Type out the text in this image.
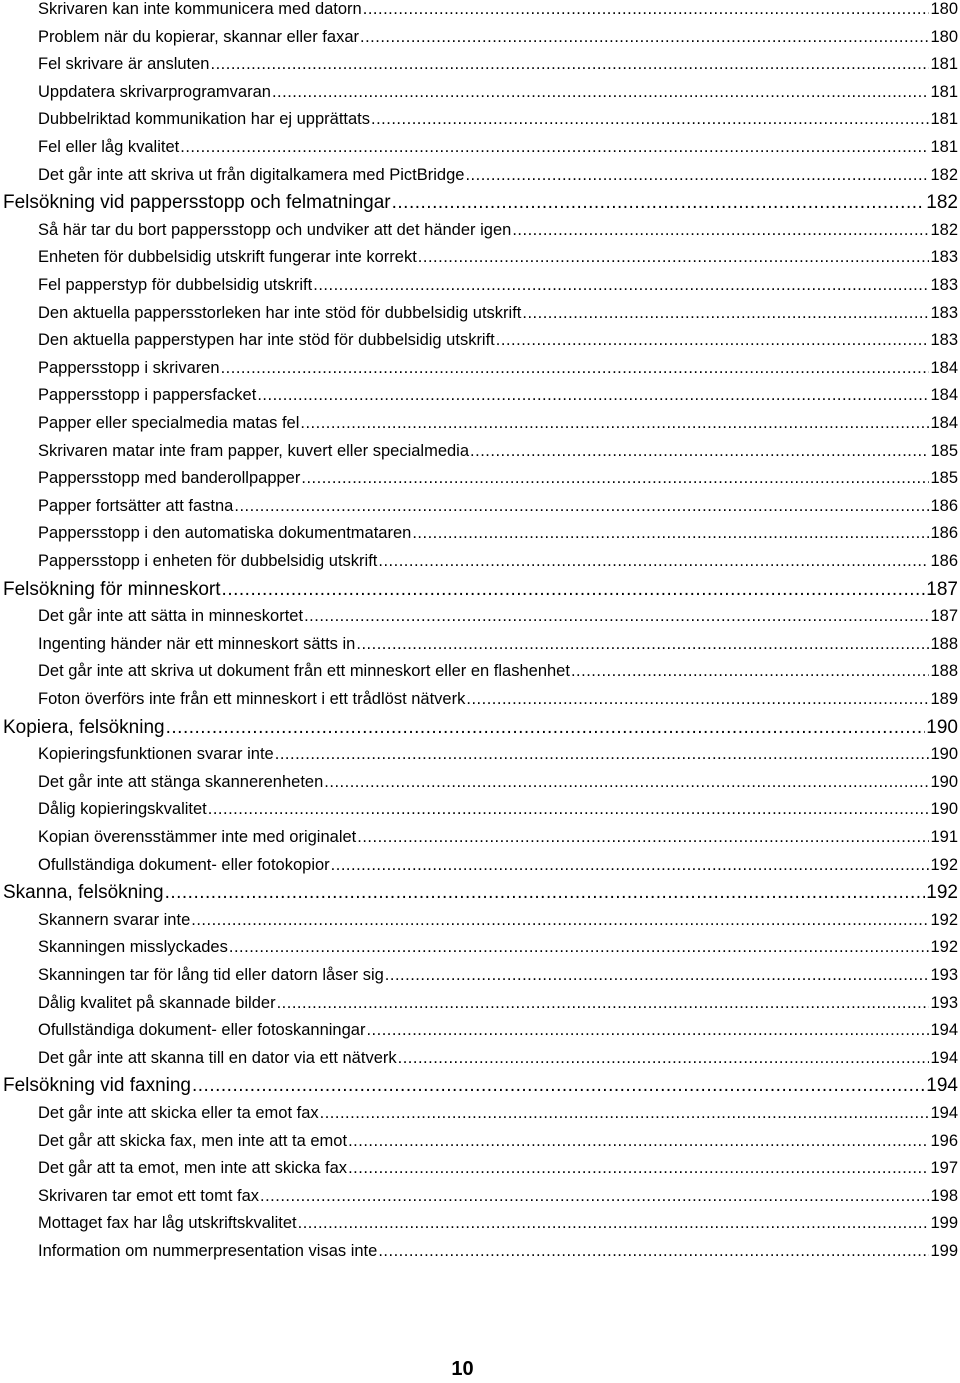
Skrivaren kan inte kommunicera med datorn .....	180
Problem när du kopierar, skannar eller faxar .....	180
Fel skrivare är ansluten .....	181
Uppdatera skrivarprogramvaran .....	181
Dubbelriktad kommunikation har ej upprättats .....	181
Fel eller låg kvalitet .....	181
Det går inte att skriva ut från digitalkamera med PictBridge .....	182
Felsökning vid pappersstopp och felmatningar .....	182
Så här tar du bort pappersstopp och undviker att det händer igen .....	182
Enheten för dubbelsidig utskrift fungerar inte korrekt .....	183
Fel papperstyp för dubbelsidig utskrift .....	183
Den aktuella pappersstorleken har inte stöd för dubbelsidig utskrift .....	183
Den aktuella papperstypen har inte stöd för dubbelsidig utskrift .....	183
Pappersstopp i skrivaren .....	184
Pappersstopp i pappersfacket .....	184
Papper eller specialmedia matas fel .....	184
Skrivaren matar inte fram papper, kuvert eller specialmedia .....	185
Pappersstopp med banderollpapper .....	185
Papper fortsätter att fastna .....	186
Pappersstopp i den automatiska dokumentmataren .....	186
Pappersstopp i enheten för dubbelsidig utskrift .....	186
Felsökning för minneskort .....	187
Det går inte att sätta in minneskortet .....	187
Ingenting händer när ett minneskort sätts in .....	188
Det går inte att skriva ut dokument från ett minneskort eller en flashenhet .....	188
Foton överförs inte från ett minneskort i ett trådlöst nätverk .....	189
Kopiera, felsökning .....	190
Kopieringsfunktionen svarar inte .....	190
Det går inte att stänga skannerenheten .....	190
Dålig kopieringskvalitet .....	190
Kopian överensstämmer inte med originalet .....	191
Ofullständiga dokument- eller fotokopior .....	192
Skanna, felsökning .....	192
Skannern svarar inte .....	192
Skanningen misslyckades .....	192
Skanningen tar för lång tid eller datorn låser sig .....	193
Dålig kvalitet på skannade bilder .....	193
Ofullständiga dokument- eller fotoskanningar .....	194
Det går inte att skanna till en dator via ett nätverk .....	194
Felsökning vid faxning .....	194
Det går inte att skicka eller ta emot fax .....	194
Det går att skicka fax, men inte att ta emot .....	196
Det går att ta emot, men inte att skicka fax .....	197
Skrivaren tar emot ett tomt fax .....	198
Mottaget fax har låg utskriftskvalitet .....	199
Information om nummerpresentation visas inte .....	199
10
